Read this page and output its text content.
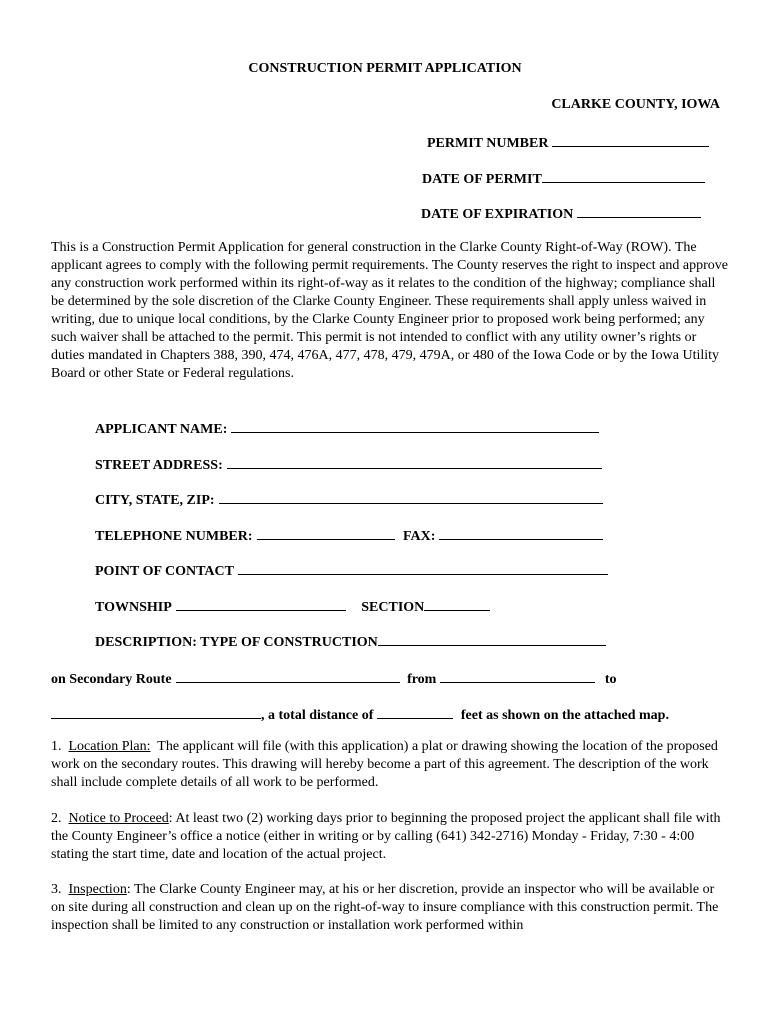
CONSTRUCTION PERMIT APPLICATION
CLARKE COUNTY, IOWA
PERMIT NUMBER
DATE OF PERMIT
DATE OF EXPIRATION
This is a Construction Permit Application for general construction in the Clarke County Right-of-Way (ROW). The applicant agrees to comply with the following permit requirements. The County reserves the right to inspect and approve any construction work performed within its right-of-way as it relates to the condition of the highway; compliance shall be determined by the sole discretion of the Clarke County Engineer. These requirements shall apply unless waived in writing, due to unique local conditions, by the Clarke County Engineer prior to proposed work being performed; any such waiver shall be attached to the permit. This permit is not intended to conflict with any utility owner’s rights or duties mandated in Chapters 388, 390, 474, 476A, 477, 478, 479, 479A, or 480 of the Iowa Code or by the Iowa Utility Board or other State or Federal regulations.
APPLICANT NAME:
STREET ADDRESS:
CITY, STATE, ZIP:
TELEPHONE NUMBER:	FAX:
POINT OF CONTACT
TOWNSHIP	SECTION
DESCRIPTION: TYPE OF CONSTRUCTION
on Secondary Route	from	to
, a total distance of	feet as shown on the attached map.
1. Location Plan: The applicant will file (with this application) a plat or drawing showing the location of the proposed work on the secondary routes. This drawing will hereby become a part of this agreement. The description of the work shall include complete details of all work to be performed.
2. Notice to Proceed: At least two (2) working days prior to beginning the proposed project the applicant shall file with the County Engineer’s office a notice (either in writing or by calling (641) 342-2716) Monday - Friday, 7:30 - 4:00 stating the start time, date and location of the actual project.
3. Inspection: The Clarke County Engineer may, at his or her discretion, provide an inspector who will be available or on site during all construction and clean up on the right-of-way to insure compliance with this construction permit. The inspection shall be limited to any construction or installation work performed within
